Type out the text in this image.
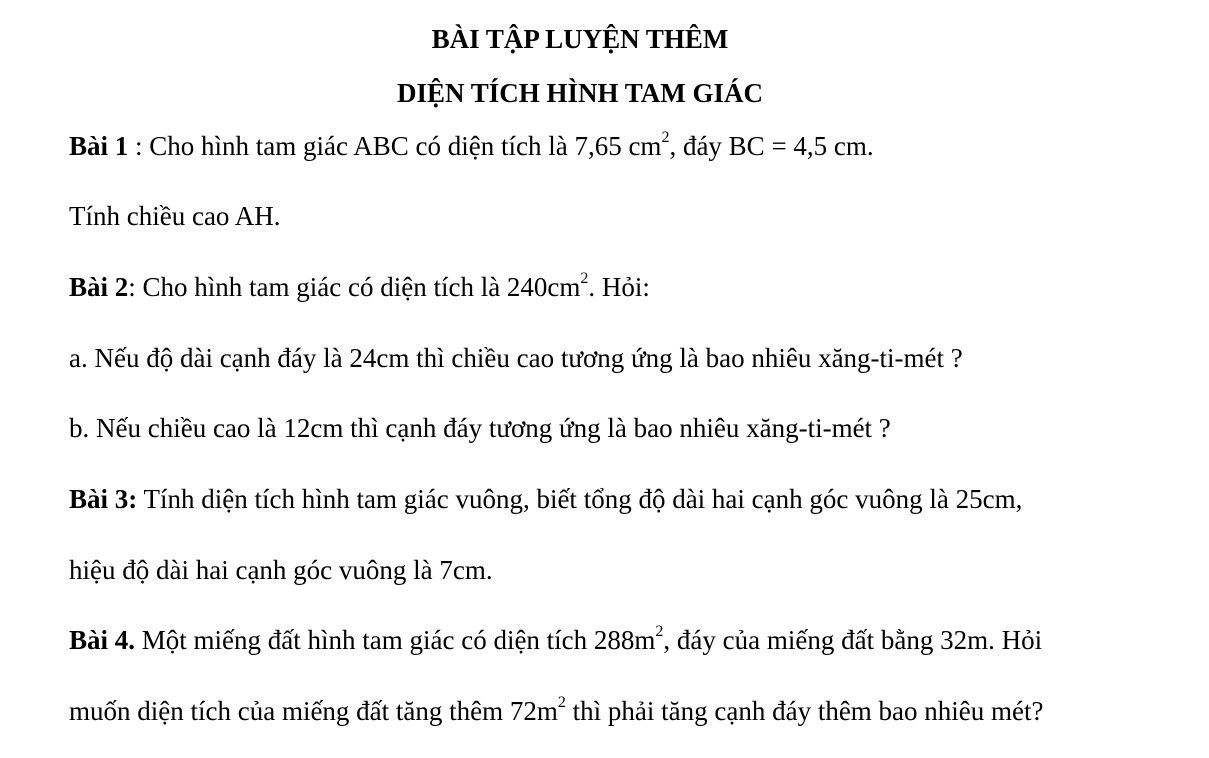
BÀI TẬP LUYỆN THÊM
DIỆN TÍCH HÌNH TAM GIÁC
Bài 1 : Cho hình tam giác ABC có diện tích là 7,65 $cm^2$, đáy BC = 4,5 cm.
Tính chiều cao AH.
Bài 2: Cho hình tam giác có diện tích là $240cm^2$. Hỏi:
a. Nếu độ dài cạnh đáy là 24cm thì chiều cao tương ứng là bao nhiêu xăng-ti-mét ?
b. Nếu chiều cao là 12cm thì cạnh đáy tương ứng là bao nhiêu xăng-ti-mét ?
Bài 3: Tính diện tích hình tam giác vuông, biết tổng độ dài hai cạnh góc vuông là 25cm,
hiệu độ dài hai cạnh góc vuông là 7cm.
Bài 4. Một miếng đất hình tam giác có diện tích $288m^2$, đáy của miếng đất bằng 32m. Hỏi
muốn diện tích của miếng đất tăng thêm $72m^2$ thì phải tăng cạnh đáy thêm bao nhiêu mét?
